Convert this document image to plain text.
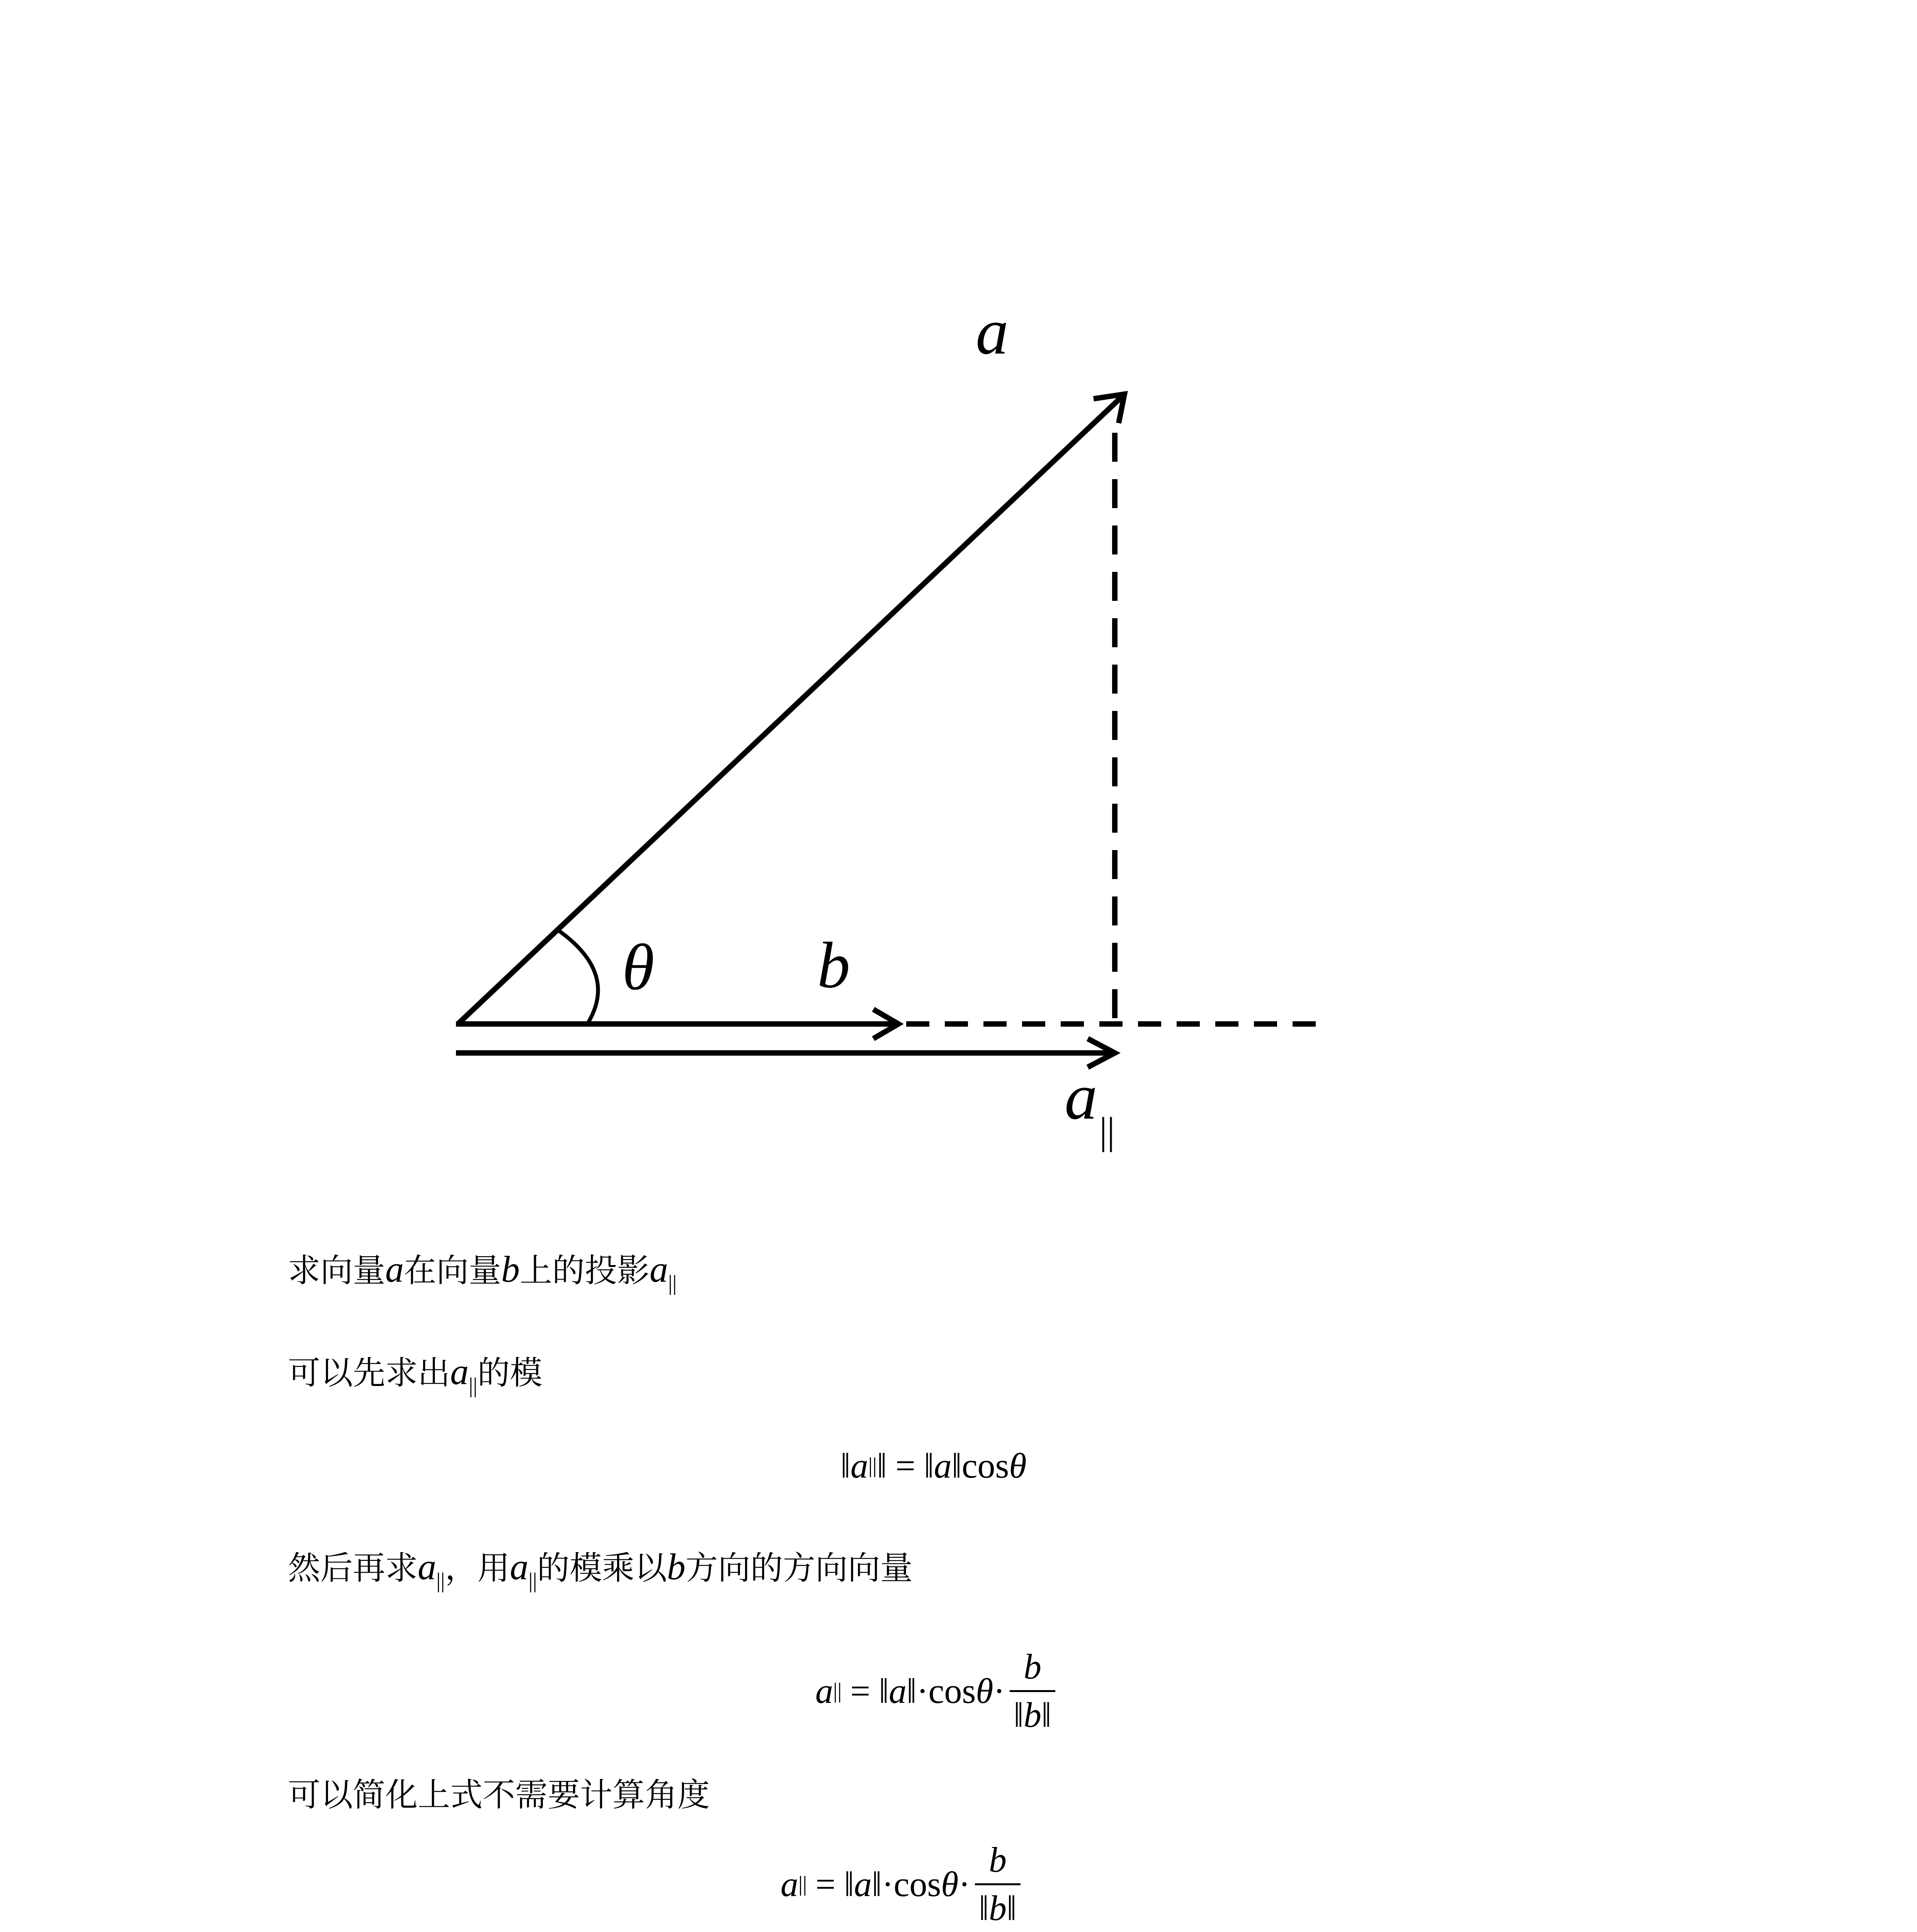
a
θ b
a ||
求向量a在向量b上的投影$a_{||}$
可以先求出$a_{||}$的模
‖ a || ‖ = ‖ a ‖ cos θ
然后再求$a_{||}$，用$a_{||}$的模乘以b方向的方向向量
a || = ‖ a ‖ · $\cos \theta \cdot \frac{b}{‖b‖}$
可以简化上式不需要计算角度
a || = ‖ a ‖ · $\cos \theta \cdot \frac{b}{‖b‖}$
